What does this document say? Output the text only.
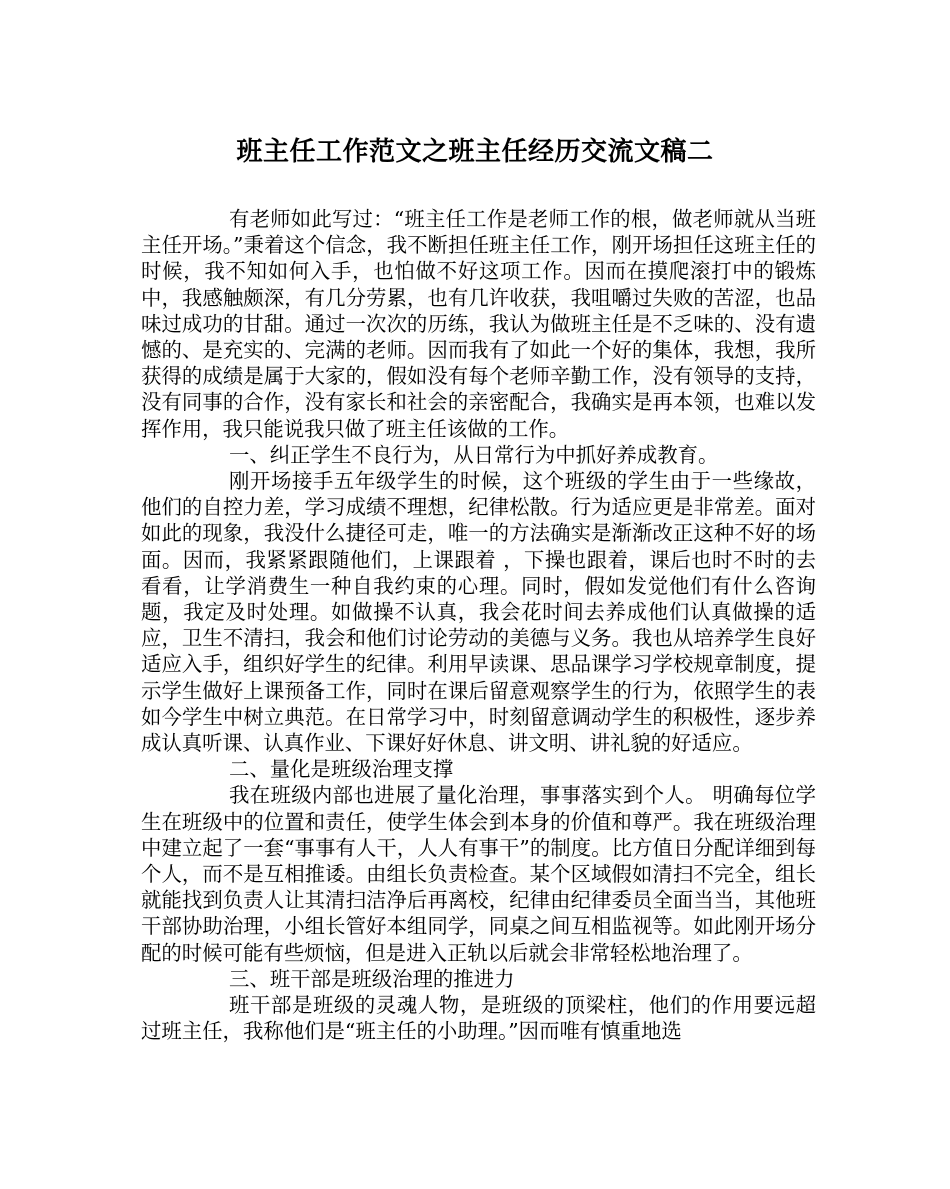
班主任工作范文之班主任经历交流文稿二

有老师如此写过：“班主任工作是老师工作的根，做老师就从当班主任开场。”秉着这个信念，我不断担任班主任工作，刚开场担任这班主任的时候，我不知如何入手，也怕做不好这项工作。因而在摸爬滚打中的锻炼中，我感触颇深，有几分劳累，也有几许收获，我咀嚼过失败的苦涩，也品味过成功的甘甜。通过一次次的历练，我认为做班主任是不乏味的、没有遗憾的、是充实的、完满的老师。因而我有了如此一个好的集体，我想，我所获得的成绩是属于大家的，假如没有每个老师辛勤工作，没有领导的支持，没有同事的合作，没有家长和社会的亲密配合，我确实是再本领，也难以发挥作用，我只能说我只做了班主任该做的工作。

一、纠正学生不良行为，从日常行为中抓好养成教育。

刚开场接手五年级学生的时候，这个班级的学生由于一些缘故，他们的自控力差，学习成绩不理想，纪律松散。行为适应更是非常差。面对如此的现象，我没什么捷径可走，唯一的方法确实是渐渐改正这种不好的场面。因而，我紧紧跟随他们，上课跟着 ，下操也跟着，课后也时不时的去看看，让学消费生一种自我约束的心理。同时，假如发觉他们有什么咨询题，我定及时处理。如做操不认真，我会花时间去养成他们认真做操的适应，卫生不清扫，我会和他们讨论劳动的美德与义务。我也从培养学生良好适应入手，组织好学生的纪律。利用早读课、思品课学习学校规章制度，提示学生做好上课预备工作，同时在课后留意观察学生的行为，依照学生的表如今学生中树立典范。在日常学习中，时刻留意调动学生的积极性，逐步养成认真听课、认真作业、下课好好休息、讲文明、讲礼貌的好适应。

二、量化是班级治理支撑

我在班级内部也进展了量化治理，事事落实到个人。 明确每位学生在班级中的位置和责任，使学生体会到本身的价值和尊严。我在班级治理中建立起了一套“事事有人干，人人有事干”的制度。比方值日分配详细到每个人，而不是互相推诿。由组长负责检查。某个区域假如清扫不完全，组长就能找到负责人让其清扫洁净后再离校，纪律由纪律委员全面当当，其他班干部协助治理，小组长管好本组同学，同桌之间互相监视等。如此刚开场分配的时候可能有些烦恼，但是进入正轨以后就会非常轻松地治理了。

三、班干部是班级治理的推进力

班干部是班级的灵魂人物，是班级的顶梁柱，他们的作用要远超过班主任，我称他们是“班主任的小助理。”因而唯有慎重地选
